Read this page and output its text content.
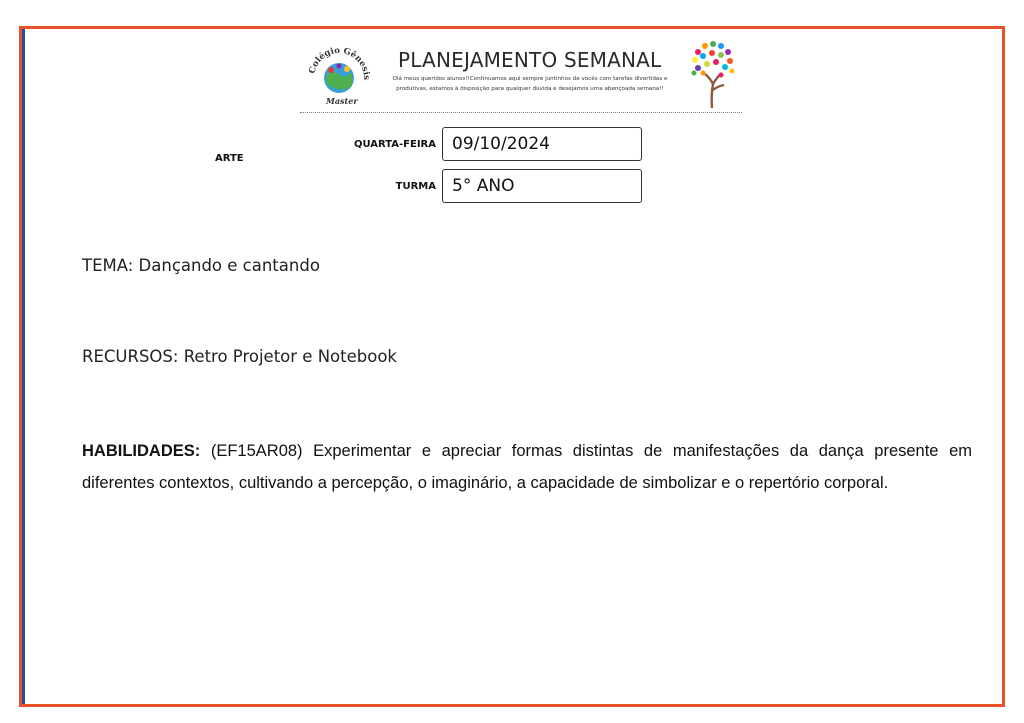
Colégio Gênesis
Master
PLANEJAMENTO SEMANAL
Olá meus queridos alunos!!Continuamos aqui sempre juntinhos de vocês com tarefas divertidas e produtivas, estamos à disposição para qualquer dúvida e desejamos uma abençoada semana!!
ARTE
QUARTA-FEIRA 09/10/2024
TURMA 5° ANO
TEMA: Dançando e cantando
RECURSOS: Retro Projetor e Notebook
HABILIDADES: (EF15AR08) Experimentar e apreciar formas distintas de manifestações da dança presente em diferentes contextos, cultivando a percepção, o imaginário, a capacidade de simbolizar e o repertório corporal.
